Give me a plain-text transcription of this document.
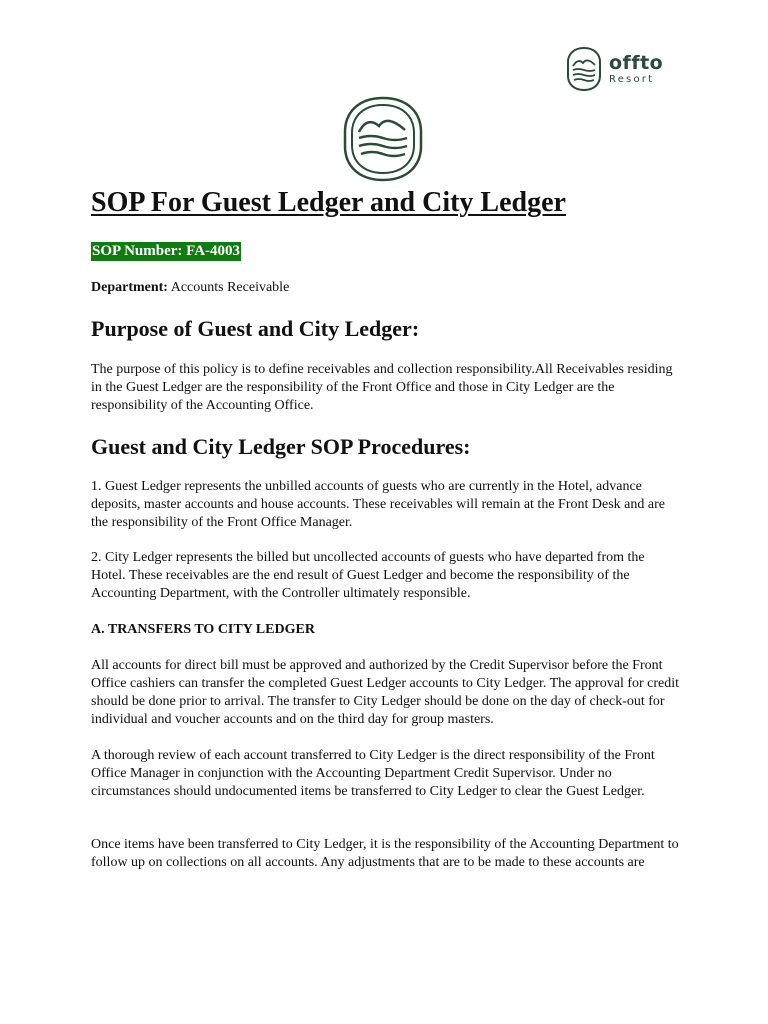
offto
Resort
SOP For Guest Ledger and City Ledger
SOP Number: FA-4003
Department: Accounts Receivable
Purpose of Guest and City Ledger:

The purpose of this policy is to define receivables and collection responsibility.All Receivables residing in the Guest Ledger are the responsibility of the Front Office and those in City Ledger are the responsibility of the Accounting Office.

Guest and City Ledger SOP Procedures:

1. Guest Ledger represents the unbilled accounts of guests who are currently in the Hotel, advance deposits, master accounts and house accounts. These receivables will remain at the Front Desk and are the responsibility of the Front Office Manager.

2. City Ledger represents the billed but uncollected accounts of guests who have departed from the Hotel. These receivables are the end result of Guest Ledger and become the responsibility of the Accounting Department, with the Controller ultimately responsible.

A. TRANSFERS TO CITY LEDGER

All accounts for direct bill must be approved and authorized by the Credit Supervisor before the Front Office cashiers can transfer the completed Guest Ledger accounts to City Ledger. The approval for credit should be done prior to arrival. The transfer to City Ledger should be done on the day of check-out for individual and voucher accounts and on the third day for group masters.

A thorough review of each account transferred to City Ledger is the direct responsibility of the Front Office Manager in conjunction with the Accounting Department Credit Supervisor. Under no circumstances should undocumented items be transferred to City Ledger to clear the Guest Ledger.

Once items have been transferred to City Ledger, it is the responsibility of the Accounting Department to follow up on collections on all accounts. Any adjustments that are to be made to these accounts are
